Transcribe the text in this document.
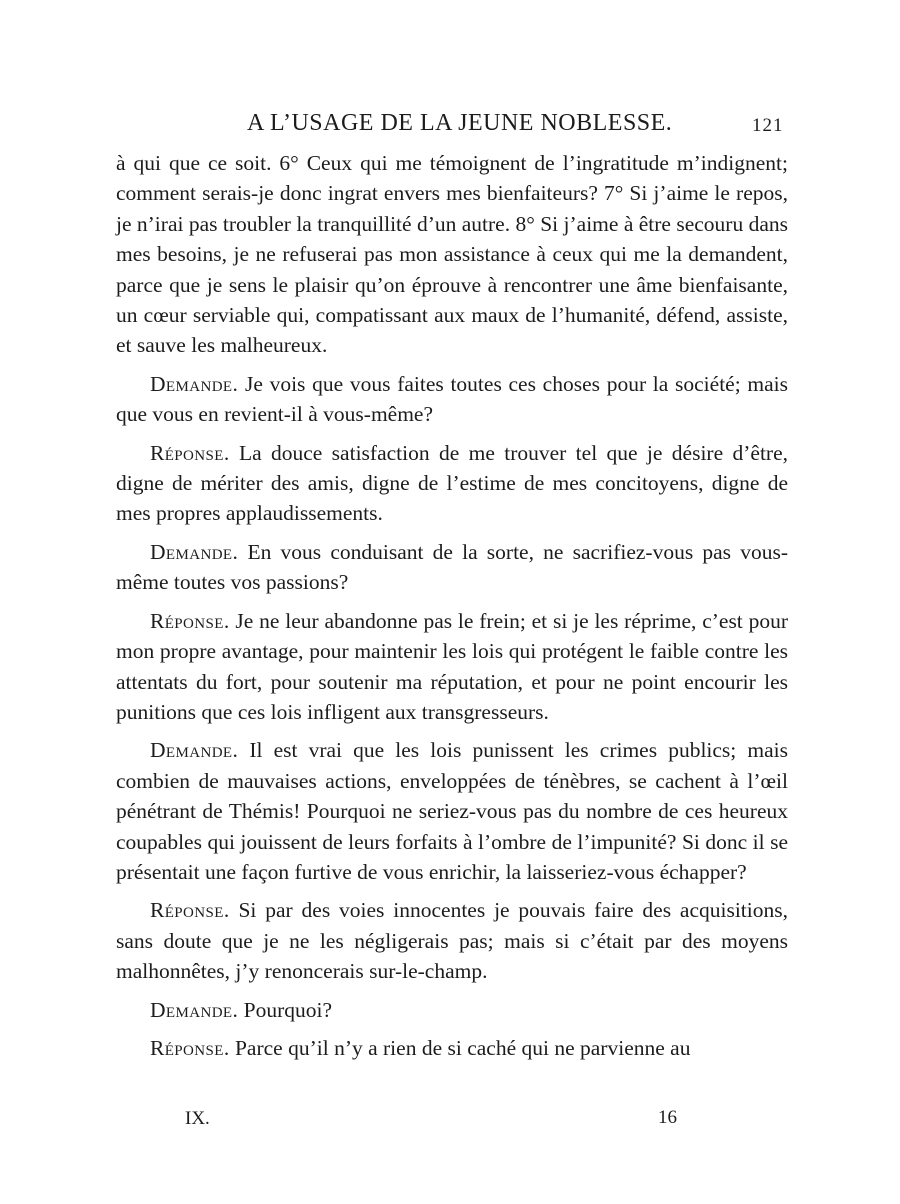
A L’USAGE DE LA JEUNE NOBLESSE.	121

à qui que ce soit. 6° Ceux qui me témoignent de l’ingratitude m’indignent; comment serais-je donc ingrat envers mes bienfaiteurs? 7° Si j’aime le repos, je n’irai pas troubler la tranquillité d’un autre. 8° Si j’aime à être secouru dans mes besoins, je ne refuserai pas mon assistance à ceux qui me la demandent, parce que je sens le plaisir qu’on éprouve à rencontrer une âme bienfaisante, un cœur serviable qui, compatissant aux maux de l’humanité, défend, assiste, et sauve les malheureux.

Demande. Je vois que vous faites toutes ces choses pour la société; mais que vous en revient-il à vous-même?

Réponse. La douce satisfaction de me trouver tel que je désire d’être, digne de mériter des amis, digne de l’estime de mes concitoyens, digne de mes propres applaudissements.

Demande. En vous conduisant de la sorte, ne sacrifiez-vous pas vous-même toutes vos passions?

Réponse. Je ne leur abandonne pas le frein; et si je les réprime, c’est pour mon propre avantage, pour maintenir les lois qui protégent le faible contre les attentats du fort, pour soutenir ma réputation, et pour ne point encourir les punitions que ces lois infligent aux transgresseurs.

Demande. Il est vrai que les lois punissent les crimes publics; mais combien de mauvaises actions, enveloppées de ténèbres, se cachent à l’œil pénétrant de Thémis! Pourquoi ne seriez-vous pas du nombre de ces heureux coupables qui jouissent de leurs forfaits à l’ombre de l’impunité? Si donc il se présentait une façon furtive de vous enrichir, la laisseriez-vous échapper?

Réponse. Si par des voies innocentes je pouvais faire des acquisitions, sans doute que je ne les négligerais pas; mais si c’était par des moyens malhonnêtes, j’y renoncerais sur-le-champ.

Demande. Pourquoi?

Réponse. Parce qu’il n’y a rien de si caché qui ne parvienne au

IX.	16
